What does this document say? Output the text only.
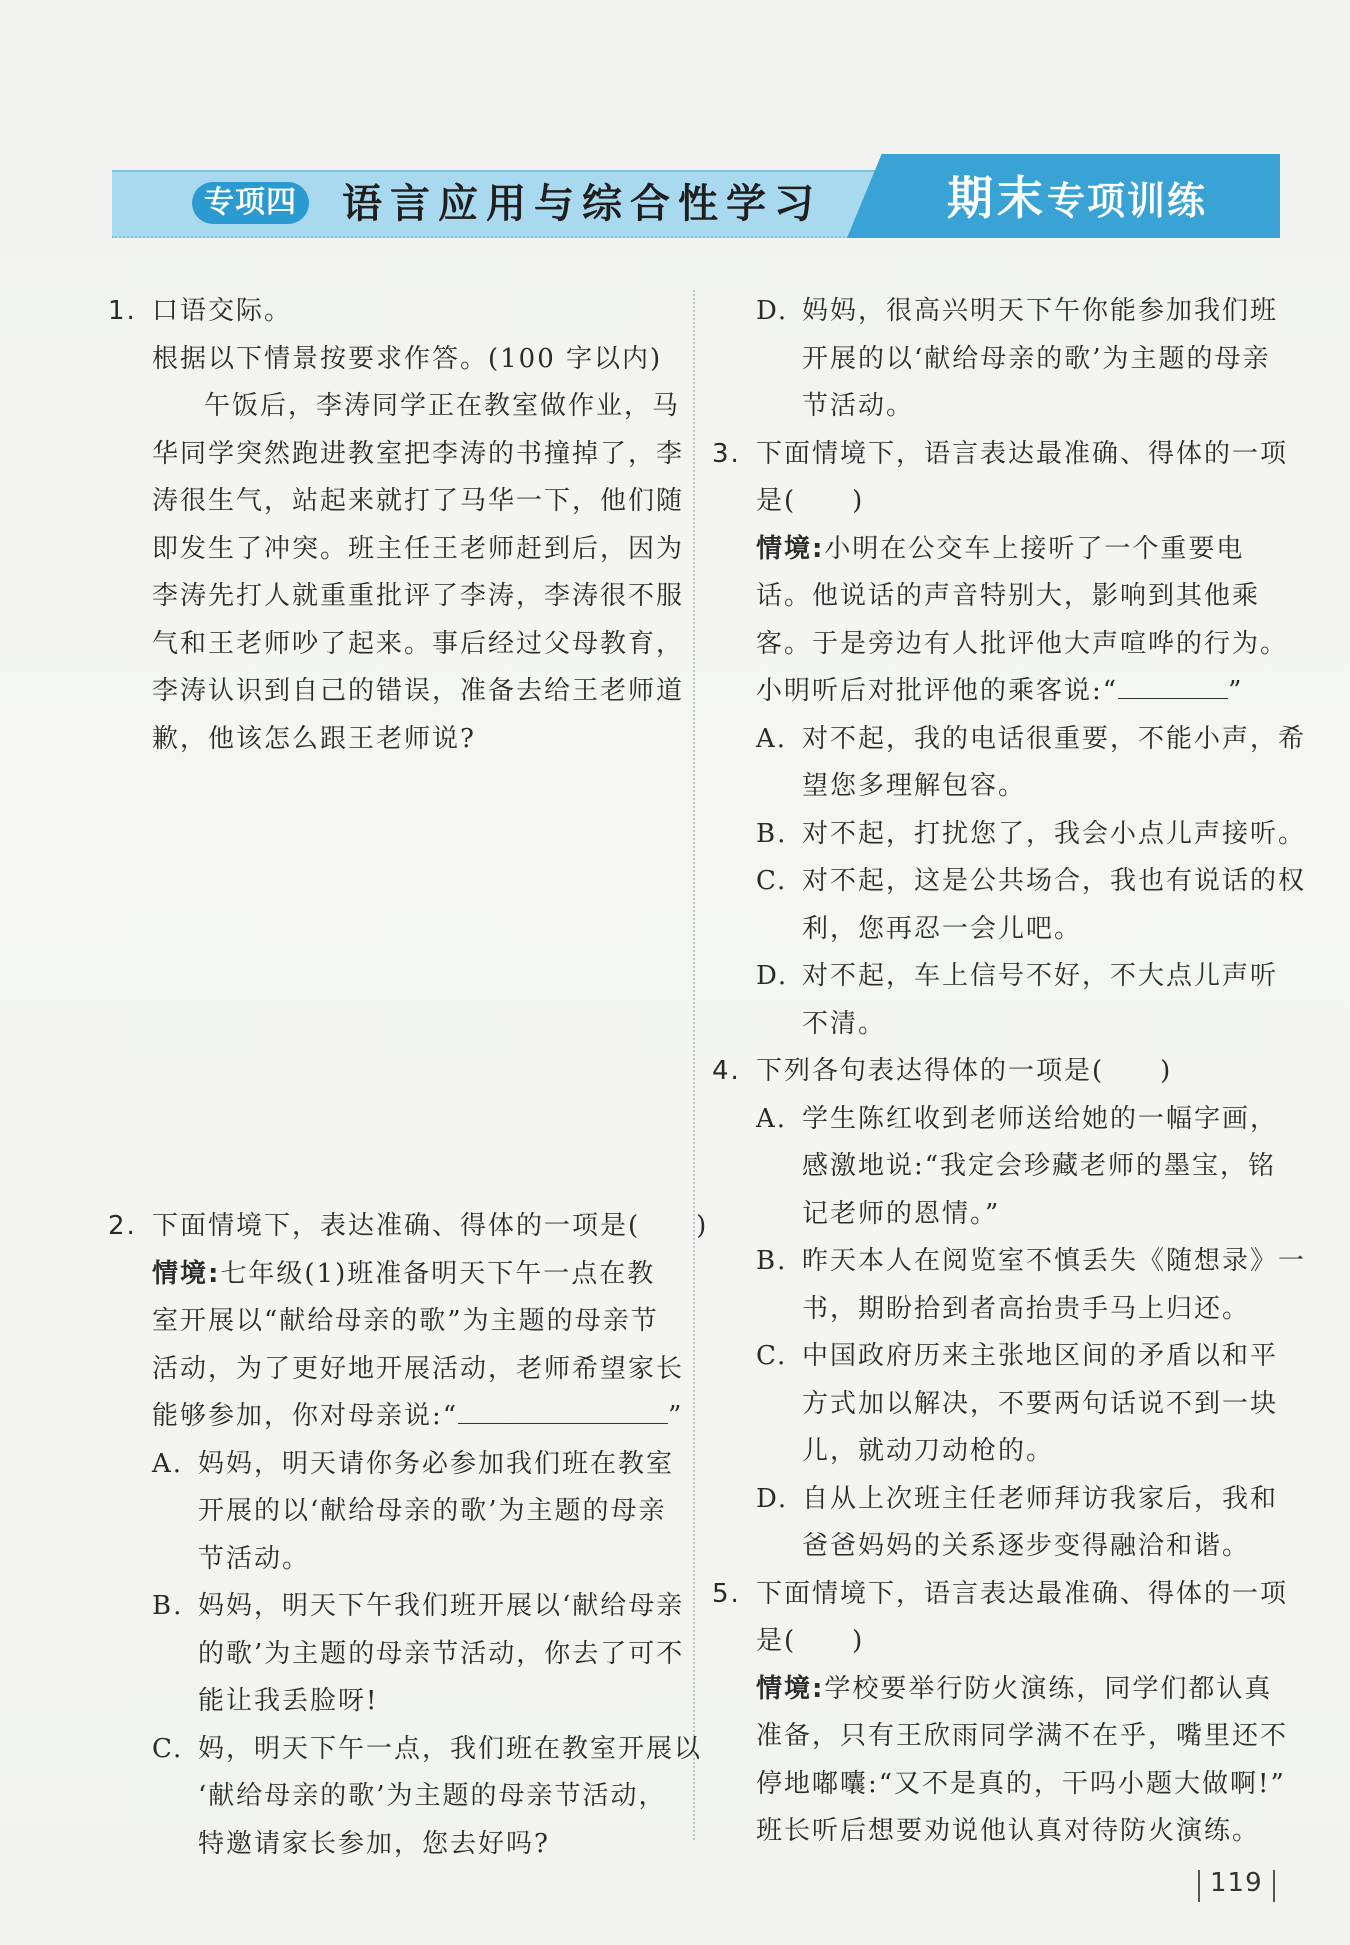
专项四	语言应用与综合性学习	期末专项训练
1. 口语交际。
根据以下情景按要求作答。(100 字以内)
午饭后，李涛同学正在教室做作业，马
华同学突然跑进教室把李涛的书撞掉了，李
涛很生气，站起来就打了马华一下，他们随
即发生了冲突。班主任王老师赶到后，因为
李涛先打人就重重批评了李涛，李涛很不服
气和王老师吵了起来。事后经过父母教育，
李涛认识到自己的错误，准备去给王老师道
歉，他该怎么跟王老师说?
2. 下面情境下，表达准确、得体的一项是( )
情境:七年级(1)班准备明天下午一点在教
室开展以“献给母亲的歌”为主题的母亲节
活动，为了更好地开展活动，老师希望家长
能够参加，你对母亲说:“	”
A. 妈妈，明天请你务必参加我们班在教室
开展的以‘献给母亲的歌’为主题的母亲
节活动。
B. 妈妈，明天下午我们班开展以‘献给母亲
的歌’为主题的母亲节活动，你去了可不
能让我丢脸呀!
C. 妈，明天下午一点，我们班在教室开展以
‘献给母亲的歌’为主题的母亲节活动，
特邀请家长参加，您去好吗?
D. 妈妈，很高兴明天下午你能参加我们班
开展的以‘献给母亲的歌’为主题的母亲
节活动。
3. 下面情境下，语言表达最准确、得体的一项
是( )
情境:小明在公交车上接听了一个重要电
话。他说话的声音特别大，影响到其他乘
客。于是旁边有人批评他大声喧哗的行为。
小明听后对批评他的乘客说:“	”
A. 对不起，我的电话很重要，不能小声，希
望您多理解包容。
B. 对不起，打扰您了，我会小点儿声接听。
C. 对不起，这是公共场合，我也有说话的权
利，您再忍一会儿吧。
D. 对不起，车上信号不好，不大点儿声听
不清。
4. 下列各句表达得体的一项是( )
A. 学生陈红收到老师送给她的一幅字画，
感激地说:“我定会珍藏老师的墨宝，铭
记老师的恩情。”
B. 昨天本人在阅览室不慎丢失《随想录》一
书，期盼拾到者高抬贵手马上归还。
C. 中国政府历来主张地区间的矛盾以和平
方式加以解决，不要两句话说不到一块
儿，就动刀动枪的。
D. 自从上次班主任老师拜访我家后，我和
爸爸妈妈的关系逐步变得融洽和谐。
5. 下面情境下，语言表达最准确、得体的一项
是( )
情境:学校要举行防火演练，同学们都认真
准备，只有王欣雨同学满不在乎，嘴里还不
停地嘟囔:“又不是真的，干吗小题大做啊!”
班长听后想要劝说他认真对待防火演练。
119
